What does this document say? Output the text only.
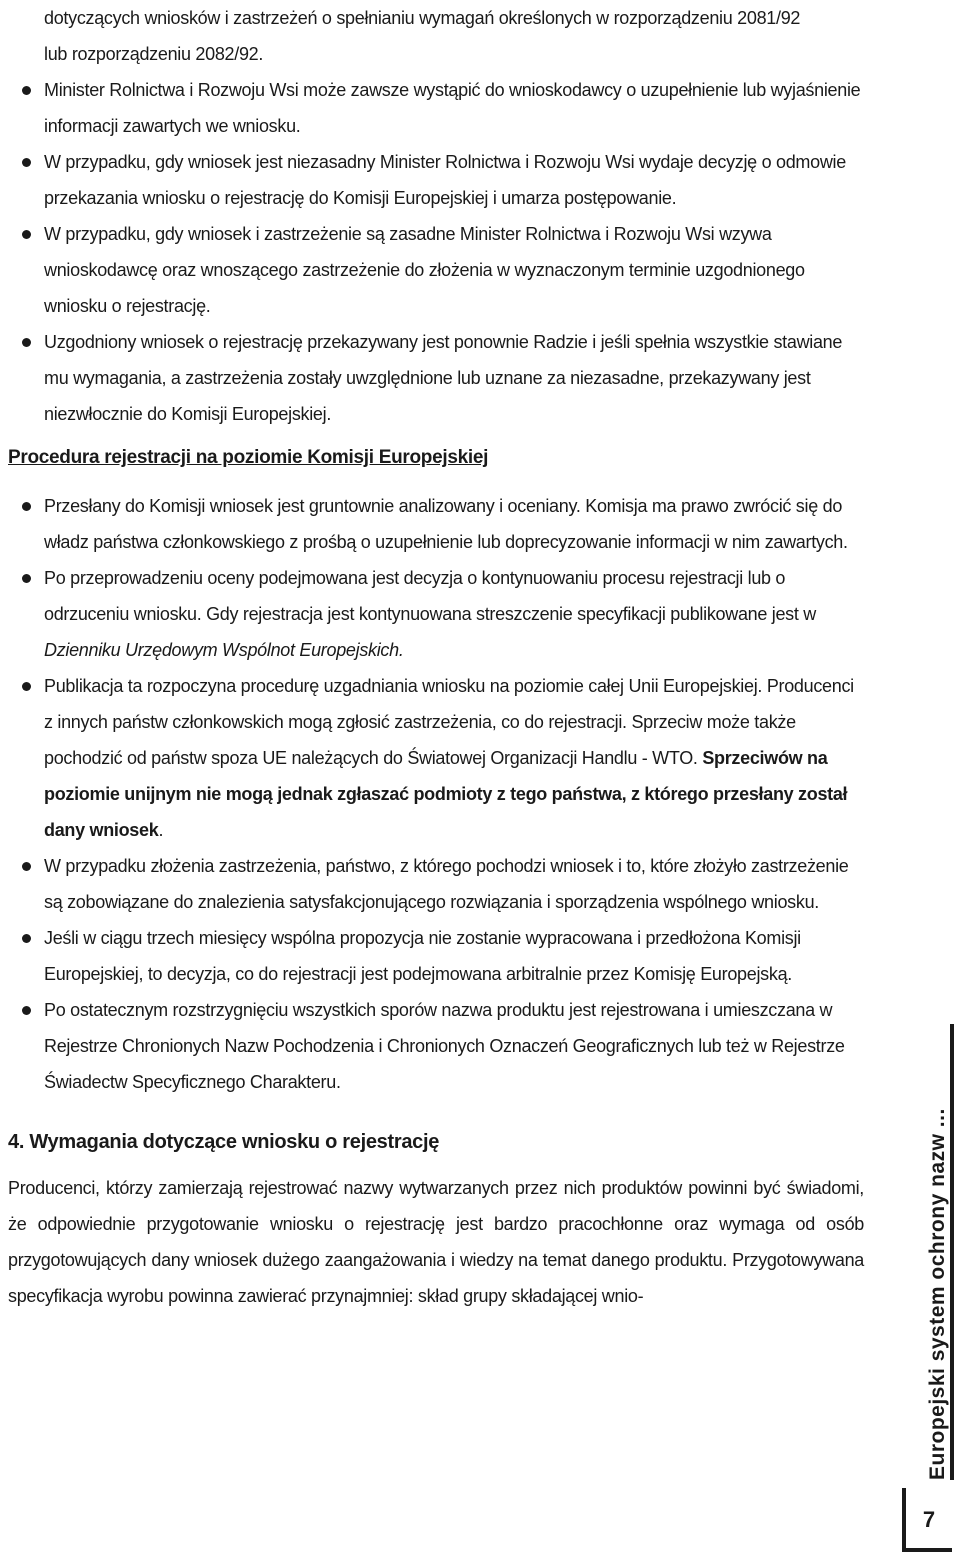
dotyczących wniosków i zastrzeżeń o spełnianiu wymagań określonych w rozporządzeniu 2081/92
lub rozporządzeniu 2082/92.
Minister Rolnictwa i Rozwoju Wsi może zawsze wystąpić do wnioskodawcy o uzupełnienie lub wyjaśnienie informacji zawartych we wniosku.
W przypadku, gdy wniosek jest niezasadny Minister Rolnictwa i Rozwoju Wsi wydaje decyzję o odmowie przekazania wniosku o rejestrację do Komisji Europejskiej i umarza postępowanie.
W przypadku, gdy wniosek i zastrzeżenie są zasadne Minister Rolnictwa i Rozwoju Wsi wzywa wnioskodawcę oraz wnoszącego zastrzeżenie do złożenia w wyznaczonym terminie uzgodnionego wniosku o rejestrację.
Uzgodniony wniosek o rejestrację przekazywany jest ponownie Radzie i jeśli spełnia wszystkie stawiane mu wymagania, a zastrzeżenia zostały uwzględnione lub uznane za niezasadne, przekazywany jest niezwłocznie do Komisji Europejskiej.
Procedura rejestracji na poziomie Komisji Europejskiej
Przesłany do Komisji wniosek jest gruntownie analizowany i oceniany. Komisja ma prawo zwrócić się do władz państwa członkowskiego z prośbą o uzupełnienie lub doprecyzowanie informacji w nim zawartych.
Po przeprowadzeniu oceny podejmowana jest decyzja o kontynuowaniu procesu rejestracji lub o odrzuceniu wniosku. Gdy rejestracja jest kontynuowana streszczenie specyfikacji publikowane jest w Dzienniku Urzędowym Wspólnot Europejskich.
Publikacja ta rozpoczyna procedurę uzgadniania wniosku na poziomie całej Unii Europejskiej. Producenci z innych państw członkowskich mogą zgłosić zastrzeżenia, co do rejestracji. Sprzeciw może także pochodzić od państw spoza UE należących do Światowej Organizacji Handlu - WTO. Sprzeciwów na poziomie unijnym nie mogą jednak zgłaszać podmioty z tego państwa, z którego przesłany został dany wniosek.
W przypadku złożenia zastrzeżenia, państwo, z którego pochodzi wniosek i to, które złożyło zastrzeżenie są zobowiązane do znalezienia satysfakcjonującego rozwiązania i sporządzenia wspólnego wniosku.
Jeśli w ciągu trzech miesięcy wspólna propozycja nie zostanie wypracowana i przedłożona Komisji Europejskiej, to decyzja, co do rejestracji jest podejmowana arbitralnie przez Komisję Europejską.
Po ostatecznym rozstrzygnięciu wszystkich sporów nazwa produktu jest rejestrowana i umieszczana w Rejestrze Chronionych Nazw Pochodzenia i Chronionych Oznaczeń Geograficznych lub też w Rejestrze Świadectw Specyficznego Charakteru.
4. Wymagania dotyczące wniosku o rejestrację

Producenci, którzy zamierzają rejestrować nazwy wytwarzanych przez nich produktów powinni być świadomi, że odpowiednie przygotowanie wniosku o rejestrację jest bardzo pracochłonne oraz wymaga od osób przygotowujących dany wniosek dużego zaangażowania i wiedzy na temat danego produktu. Przygotowywana specyfikacja wyrobu powinna zawierać przynajmniej: skład grupy składającej wnio-	Europejski system ochrony nazw ...
7
